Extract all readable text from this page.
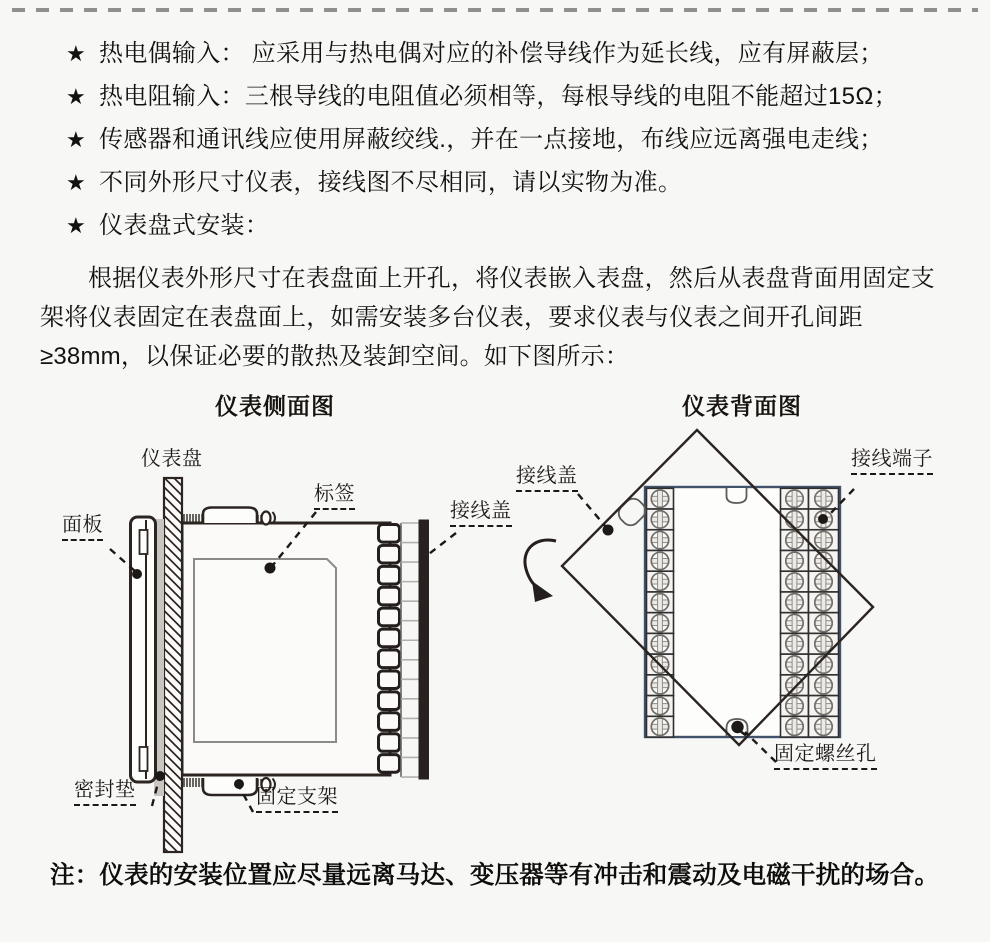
★ 热电偶输入： 应采用与热电偶对应的补偿导线作为延长线，应有屏蔽层；
★ 热电阻输入：三根导线的电阻值必须相等，每根导线的电阻不能超过15Ω；
★ 传感器和通讯线应使用屏蔽绞线.，并在一点接地，布线应远离强电走线；
★ 不同外形尺寸仪表，接线图不尽相同，请以实物为准。
★ 仪表盘式安装：
根据仪表外形尺寸在表盘面上开孔，将仪表嵌入表盘，然后从表盘背面用固定支架将仪表固定在表盘面上，如需安装多台仪表，要求仪表与仪表之间开孔间距≥38mm，以保证必要的散热及装卸空间。如下图所示：
仪表侧面图	仪表背面图
仪表盘
面板
标签
接线盖
密封垫	固定支架
接线盖
接线端子
固定螺丝孔
注：仪表的安装位置应尽量远离马达、变压器等有冲击和震动及电磁干扰的场合。
